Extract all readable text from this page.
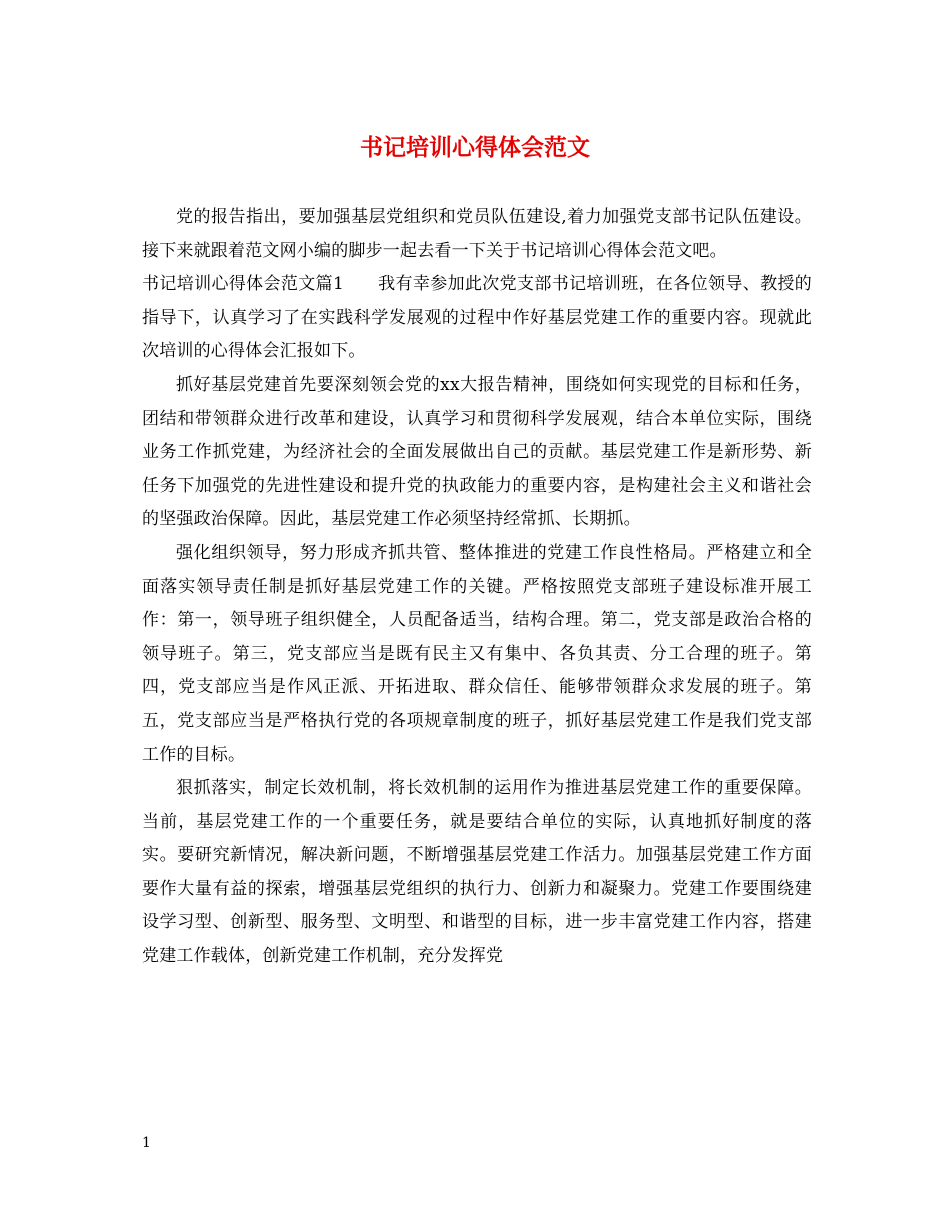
书记培训心得体会范文

党的报告指出，要加强基层党组织和党员队伍建设,着力加强党支部书记队伍建设。接下来就跟着范文网小编的脚步一起去看一下关于书记培训心得体会范文吧。

书记培训心得体会范文篇1 我有幸参加此次党支部书记培训班，在各位领导、教授的指导下，认真学习了在实践科学发展观的过程中作好基层党建工作的重要内容。现就此次培训的心得体会汇报如下。

抓好基层党建首先要深刻领会党的xx大报告精神，围绕如何实现党的目标和任务，团结和带领群众进行改革和建设，认真学习和贯彻科学发展观，结合本单位实际，围绕业务工作抓党建，为经济社会的全面发展做出自己的贡献。基层党建工作是新形势、新任务下加强党的先进性建设和提升党的执政能力的重要内容，是构建社会主义和谐社会的坚强政治保障。因此，基层党建工作必须坚持经常抓、长期抓。

强化组织领导，努力形成齐抓共管、整体推进的党建工作良性格局。严格建立和全面落实领导责任制是抓好基层党建工作的关键。严格按照党支部班子建设标准开展工作：第一，领导班子组织健全，人员配备适当，结构合理。第二，党支部是政治合格的领导班子。第三，党支部应当是既有民主又有集中、各负其责、分工合理的班子。第四，党支部应当是作风正派、开拓进取、群众信任、能够带领群众求发展的班子。第五，党支部应当是严格执行党的各项规章制度的班子，抓好基层党建工作是我们党支部工作的目标。

狠抓落实，制定长效机制，将长效机制的运用作为推进基层党建工作的重要保障。当前，基层党建工作的一个重要任务，就是要结合单位的实际，认真地抓好制度的落实。要研究新情况，解决新问题，不断增强基层党建工作活力。加强基层党建工作方面要作大量有益的探索，增强基层党组织的执行力、创新力和凝聚力。党建工作要围绕建设学习型、创新型、服务型、文明型、和谐型的目标，进一步丰富党建工作内容，搭建党建工作载体，创新党建工作机制，充分发挥党

1
